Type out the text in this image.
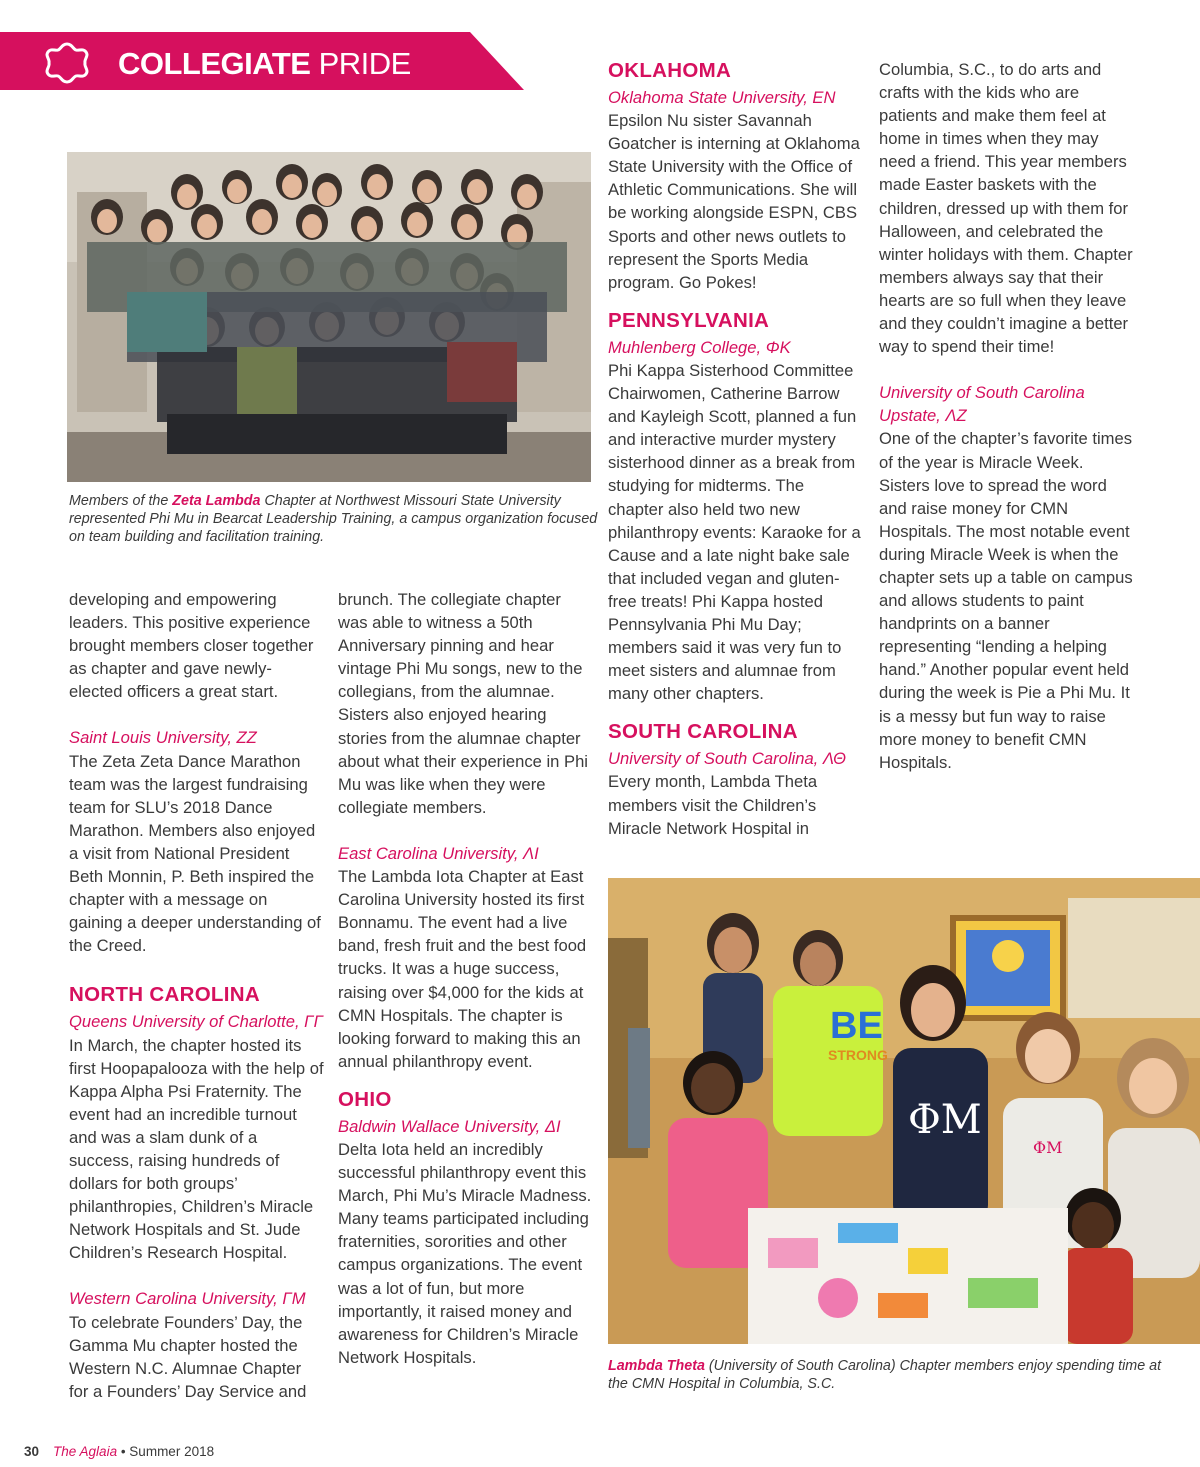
COLLEGIATE PRIDE
Members of the Zeta Lambda Chapter at Northwest Missouri State University represented Phi Mu in Bearcat Leadership Training, a campus organization focused on team building and facilitation training.

developing and empowering leaders. This positive experience brought members closer together as chapter and gave newly-elected officers a great start.

Saint Louis University, ZZ

The Zeta Zeta Dance Marathon team was the largest fundraising team for SLU’s 2018 Dance Marathon. Members also enjoyed a visit from National President Beth Monnin, P. Beth inspired the chapter with a message on gaining a deeper understanding of the Creed.

NORTH CAROLINA

Queens University of Charlotte, ΓΓ

In March, the chapter hosted its first Hoopapalooza with the help of Kappa Alpha Psi Fraternity. The event had an incredible turnout and was a slam dunk of a success, raising hundreds of dollars for both groups’ philanthropies, Children’s Miracle Network Hospitals and St. Jude Children’s Research Hospital.

Western Carolina University, ΓM

To celebrate Founders’ Day, the Gamma Mu chapter hosted the Western N.C. Alumnae Chapter for a Founders’ Day Service and

brunch. The collegiate chapter was able to witness a 50th Anniversary pinning and hear vintage Phi Mu songs, new to the collegians, from the alumnae. Sisters also enjoyed hearing stories from the alumnae chapter about what their experience in Phi Mu was like when they were collegiate members.

East Carolina University, ΛI

The Lambda Iota Chapter at East Carolina University hosted its first Bonnamu. The event had a live band, fresh fruit and the best food trucks. It was a huge success, raising over $4,000 for the kids at CMN Hospitals. The chapter is looking forward to making this an annual philanthropy event.

OHIO

Baldwin Wallace University, ΔI

Delta Iota held an incredibly successful philanthropy event this March, Phi Mu’s Miracle Madness. Many teams participated including fraternities, sororities and other campus organizations. The event was a lot of fun, but more importantly, it raised money and awareness for Children’s Miracle Network Hospitals.

OKLAHOMA

Oklahoma State University, EN

Epsilon Nu sister Savannah Goatcher is interning at Oklahoma State University with the Office of Athletic Communications. She will be working alongside ESPN, CBS Sports and other news outlets to represent the Sports Media program. Go Pokes!

PENNSYLVANIA

Muhlenberg College, ΦK

Phi Kappa Sisterhood Committee Chairwomen, Catherine Barrow and Kayleigh Scott, planned a fun and interactive murder mystery sisterhood dinner as a break from studying for midterms. The chapter also held two new philanthropy events: Karaoke for a Cause and a late night bake sale that included vegan and gluten-free treats! Phi Kappa hosted Pennsylvania Phi Mu Day; members said it was very fun to meet sisters and alumnae from many other chapters.

SOUTH CAROLINA

University of South Carolina, ΛΘ

Every month, Lambda Theta members visit the Children’s Miracle Network Hospital in

Columbia, S.C., to do arts and crafts with the kids who are patients and make them feel at home in times when they may need a friend. This year members made Easter baskets with the children, dressed up with them for Halloween, and celebrated the winter holidays with them. Chapter members always say that their hearts are so full when they leave and they couldn’t imagine a better way to spend their time!

University of South Carolina

Upstate, ΛZ

One of the chapter’s favorite times of the year is Miracle Week. Sisters love to spread the word and raise money for CMN Hospitals. The most notable event during Miracle Week is when the chapter sets up a table on campus and allows students to paint handprints on a banner representing “lending a helping hand.” Another popular event held during the week is Pie a Phi Mu. It is a messy but fun way to raise more money to benefit CMN Hospitals.

BE
STRONG
ΦM
ΦM
Lambda Theta (University of South Carolina) Chapter members enjoy spending time at the CMN Hospital in Columbia, S.C.
30 The Aglaia • Summer 2018
